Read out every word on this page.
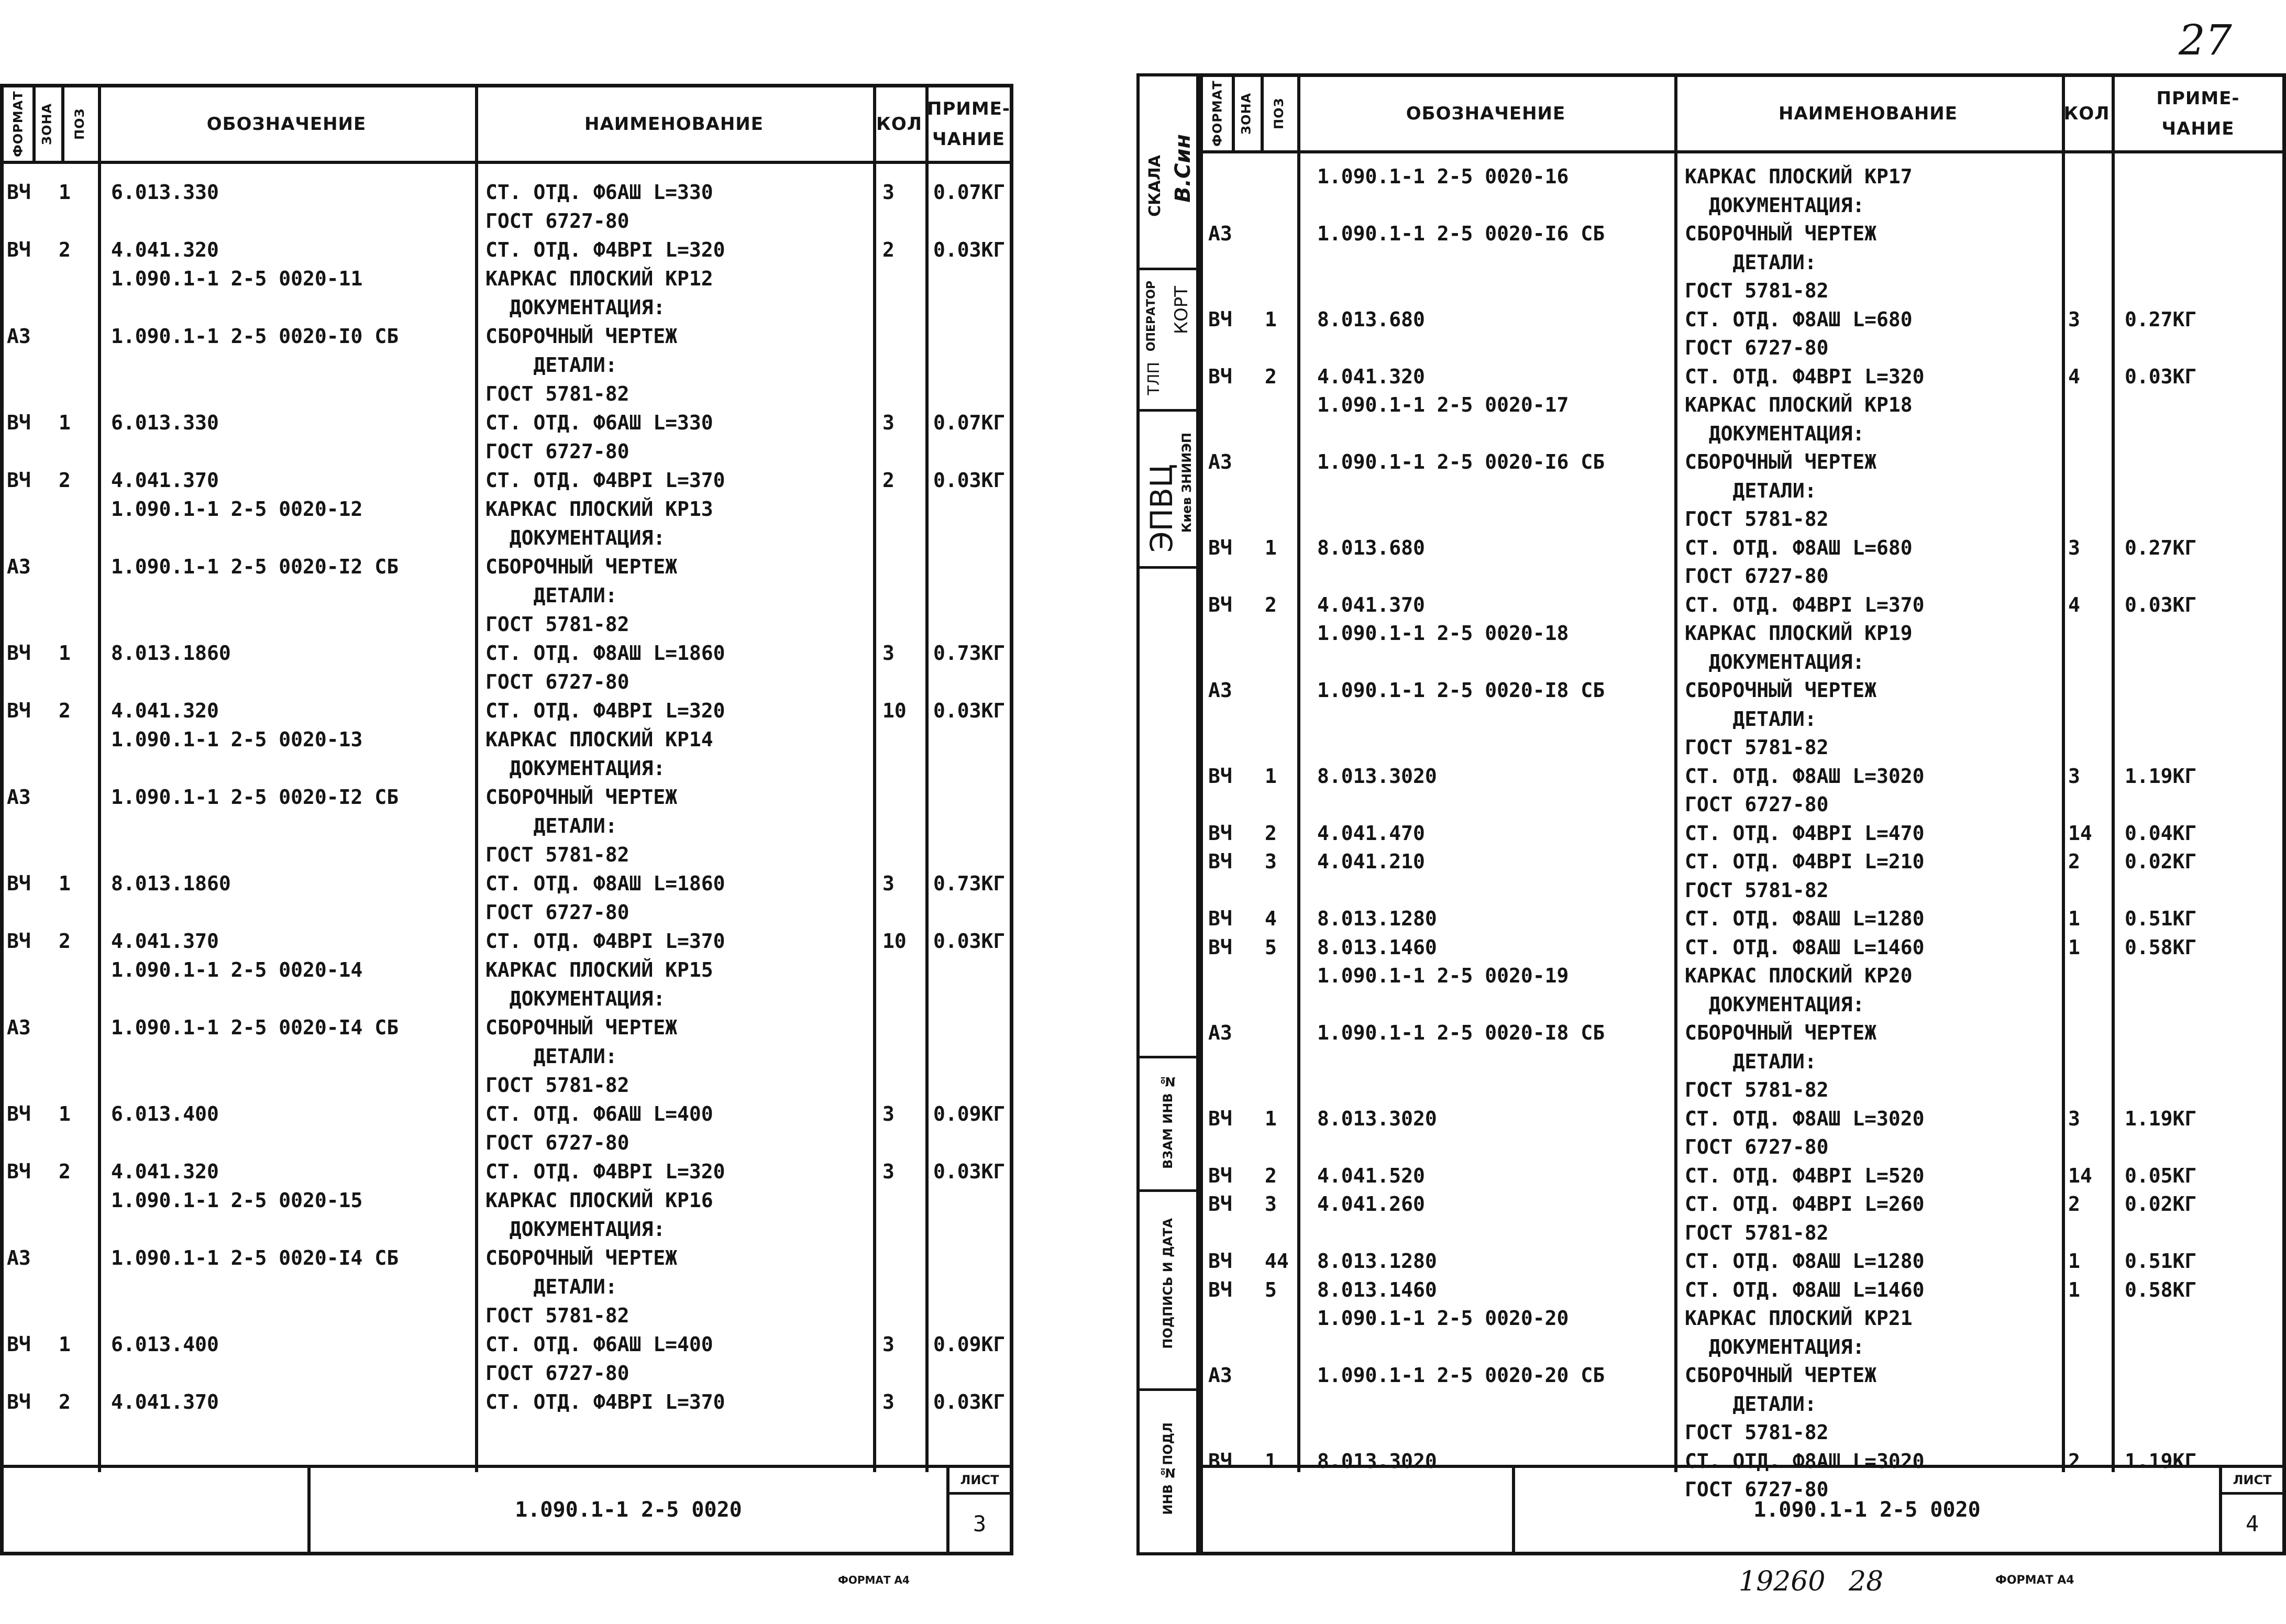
ФОРМАТ	ЗОНА	ПОЗ	ОБОЗНАЧЕНИЕ	НАИМЕНОВАНИЕ	КОЛ
ПРИМЕ-
ЧАНИЕ
ВЧ 1 6.013.330	СТ. ОТД. Ф6АШ L=330	3 0.07КГ
ГОСТ 6727-80
ВЧ 2 4.041.320	СТ. ОТД. Ф4ВРI L=320	2 0.03КГ
1.090.1-1 2-5 0020-11	КАРКАС ПЛОСКИЙ КР12
ДОКУМЕНТАЦИЯ:
А3	1.090.1-1 2-5 0020-I0 СБ	СБОРОЧНЫЙ ЧЕРТЕЖ
ДЕТАЛИ:
ГОСТ 5781-82
ВЧ 1 6.013.330	СТ. ОТД. Ф6АШ L=330	3 0.07КГ
ГОСТ 6727-80
ВЧ 2 4.041.370	СТ. ОТД. Ф4ВРI L=370	2 0.03КГ
1.090.1-1 2-5 0020-12	КАРКАС ПЛОСКИЙ КР13
ДОКУМЕНТАЦИЯ:
А3	1.090.1-1 2-5 0020-I2 СБ	СБОРОЧНЫЙ ЧЕРТЕЖ
ДЕТАЛИ:
ГОСТ 5781-82
ВЧ 1 8.013.1860	СТ. ОТД. Ф8АШ L=1860	3 0.73КГ
ГОСТ 6727-80
ВЧ 2 4.041.320	СТ. ОТД. Ф4ВРI L=320	10 0.03КГ
1.090.1-1 2-5 0020-13	КАРКАС ПЛОСКИЙ КР14
ДОКУМЕНТАЦИЯ:
А3	1.090.1-1 2-5 0020-I2 СБ	СБОРОЧНЫЙ ЧЕРТЕЖ
ДЕТАЛИ:
ГОСТ 5781-82
ВЧ 1 8.013.1860	СТ. ОТД. Ф8АШ L=1860	3 0.73КГ
ГОСТ 6727-80
ВЧ 2 4.041.370	СТ. ОТД. Ф4ВРI L=370	10 0.03КГ
1.090.1-1 2-5 0020-14	КАРКАС ПЛОСКИЙ КР15
ДОКУМЕНТАЦИЯ:
А3	1.090.1-1 2-5 0020-I4 СБ	СБОРОЧНЫЙ ЧЕРТЕЖ
ДЕТАЛИ:
ГОСТ 5781-82
ВЧ 1 6.013.400	СТ. ОТД. Ф6АШ L=400	3 0.09КГ
ГОСТ 6727-80
ВЧ 2 4.041.320	СТ. ОТД. Ф4ВРI L=320	3 0.03КГ
1.090.1-1 2-5 0020-15	КАРКАС ПЛОСКИЙ КР16
ДОКУМЕНТАЦИЯ:
А3	1.090.1-1 2-5 0020-I4 СБ	СБОРОЧНЫЙ ЧЕРТЕЖ
ДЕТАЛИ:
ГОСТ 5781-82
ВЧ 1 6.013.400	СТ. ОТД. Ф6АШ L=400	3 0.09КГ
ГОСТ 6727-80
ВЧ 2 4.041.370	СТ. ОТД. Ф4ВРI L=370	3 0.03КГ
1.090.1-1 2-5 0020
ЛИСТ
3
ФОРМАТ А4
СКАЛА В.Син
ОПЕРАТОР
ТЛП
КОРТ
ЭПВЦ Киев ЗНИИЭП
ВЗАМ ИНВ №
ПОДПИСЬ И ДАТА
ИНВ №ПОДЛ
ФОРМАТ	ЗОНА	ПОЗ	ОБОЗНАЧЕНИЕ	НАИМЕНОВАНИЕ	КОЛ
ПРИМЕ-
ЧАНИЕ
1.090.1-1 2-5 0020-16	КАРКАС ПЛОСКИЙ КР17
ДОКУМЕНТАЦИЯ:
А3	1.090.1-1 2-5 0020-I6 СБ	СБОРОЧНЫЙ ЧЕРТЕЖ
ДЕТАЛИ:
ГОСТ 5781-82
ВЧ 1 8.013.680	СТ. ОТД. Ф8АШ L=680	3 0.27КГ
ГОСТ 6727-80
ВЧ 2 4.041.320	СТ. ОТД. Ф4ВРI L=320	4 0.03КГ
1.090.1-1 2-5 0020-17	КАРКАС ПЛОСКИЙ КР18
ДОКУМЕНТАЦИЯ:
А3	1.090.1-1 2-5 0020-I6 СБ	СБОРОЧНЫЙ ЧЕРТЕЖ
ДЕТАЛИ:
ГОСТ 5781-82
ВЧ 1 8.013.680	СТ. ОТД. Ф8АШ L=680	3 0.27КГ
ГОСТ 6727-80
ВЧ 2 4.041.370	СТ. ОТД. Ф4ВРI L=370	4 0.03КГ
1.090.1-1 2-5 0020-18	КАРКАС ПЛОСКИЙ КР19
ДОКУМЕНТАЦИЯ:
А3	1.090.1-1 2-5 0020-I8 СБ	СБОРОЧНЫЙ ЧЕРТЕЖ
ДЕТАЛИ:
ГОСТ 5781-82
ВЧ 1 8.013.3020	СТ. ОТД. Ф8АШ L=3020	3 1.19КГ
ГОСТ 6727-80
ВЧ 2 4.041.470	СТ. ОТД. Ф4ВРI L=470	14 0.04КГ
ВЧ 3 4.041.210	СТ. ОТД. Ф4ВРI L=210	2 0.02КГ
ГОСТ 5781-82
ВЧ 4 8.013.1280	СТ. ОТД. Ф8АШ L=1280	1 0.51КГ
ВЧ 5 8.013.1460	СТ. ОТД. Ф8АШ L=1460	1 0.58КГ
1.090.1-1 2-5 0020-19	КАРКАС ПЛОСКИЙ КР20
ДОКУМЕНТАЦИЯ:
А3	1.090.1-1 2-5 0020-I8 СБ	СБОРОЧНЫЙ ЧЕРТЕЖ
ДЕТАЛИ:
ГОСТ 5781-82
ВЧ 1 8.013.3020	СТ. ОТД. Ф8АШ L=3020	3 1.19КГ
ГОСТ 6727-80
ВЧ 2 4.041.520	СТ. ОТД. Ф4ВРI L=520	14 0.05КГ
ВЧ 3 4.041.260	СТ. ОТД. Ф4ВРI L=260	2 0.02КГ
ГОСТ 5781-82
ВЧ 44 8.013.1280	СТ. ОТД. Ф8АШ L=1280	1 0.51КГ
ВЧ 5 8.013.1460	СТ. ОТД. Ф8АШ L=1460	1 0.58КГ
1.090.1-1 2-5 0020-20	КАРКАС ПЛОСКИЙ КР21
ДОКУМЕНТАЦИЯ:
А3	1.090.1-1 2-5 0020-20 СБ	СБОРОЧНЫЙ ЧЕРТЕЖ
ДЕТАЛИ:
ГОСТ 5781-82
ВЧ 1 8.013.3020	СТ. ОТД. Ф8АШ L=3020	2 1.19КГ
ГОСТ 6727-80
1.090.1-1 2-5 0020
ЛИСТ
4
19260 28	ФОРМАТ А4
27
